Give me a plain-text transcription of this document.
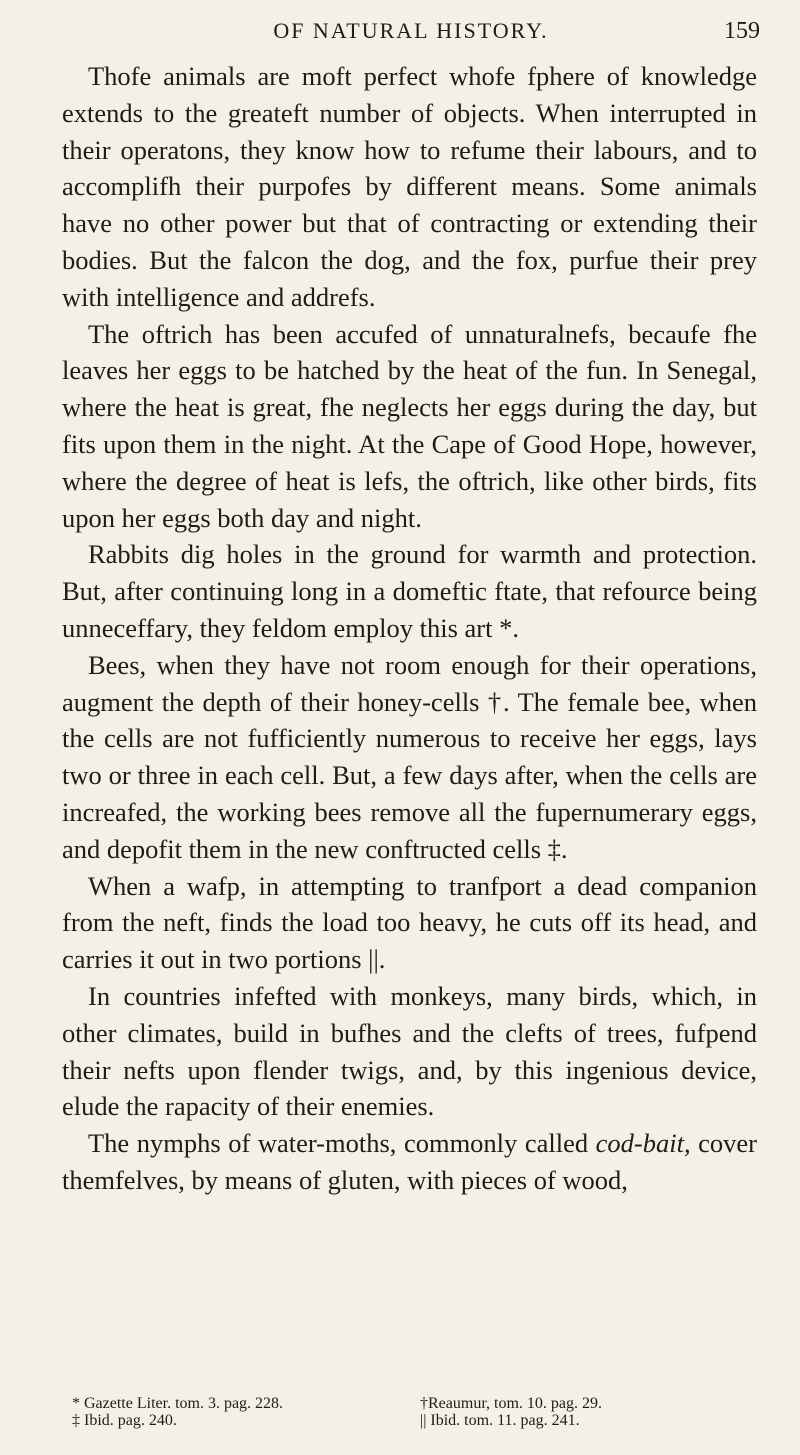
OF NATURAL HISTORY.	159

Thofe animals are moft perfect whofe fphere of knowledge extends to the greateft number of objects. When interrupted in their operatons, they know how to refume their labours, and to accomplifh their purpofes by different means. Some animals have no other power but that of contracting or extending their bodies. But the falcon the dog, and the fox, purfue their prey with intelligence and addrefs.

The oftrich has been accufed of unnaturalnefs, becaufe fhe leaves her eggs to be hatched by the heat of the fun. In Senegal, where the heat is great, fhe neglects her eggs during the day, but fits upon them in the night. At the Cape of Good Hope, however, where the degree of heat is lefs, the oftrich, like other birds, fits upon her eggs both day and night.

Rabbits dig holes in the ground for warmth and protection. But, after continuing long in a domeftic ftate, that refource being unneceffary, they feldom employ this art *.

Bees, when they have not room enough for their operations, augment the depth of their honey-cells †. The female bee, when the cells are not fufficiently numerous to receive her eggs, lays two or three in each cell. But, a few days after, when the cells are increafed, the working bees remove all the fupernumerary eggs, and depofit them in the new conftructed cells ‡.

When a wafp, in attempting to tranfport a dead companion from the neft, finds the load too heavy, he cuts off its head, and carries it out in two portions ||.

In countries infefted with monkeys, many birds, which, in other climates, build in bufhes and the clefts of trees, fufpend their nefts upon flender twigs, and, by this ingenious device, elude the rapacity of their enemies.

The nymphs of water-moths, commonly called cod-bait, cover themfelves, by means of gluten, with pieces of wood,

* Gazette Liter. tom. 3. pag. 228.	†Reaumur, tom. 10. pag. 29.
‡ Ibid. pag. 240.	|| Ibid. tom. 11. pag. 241.
